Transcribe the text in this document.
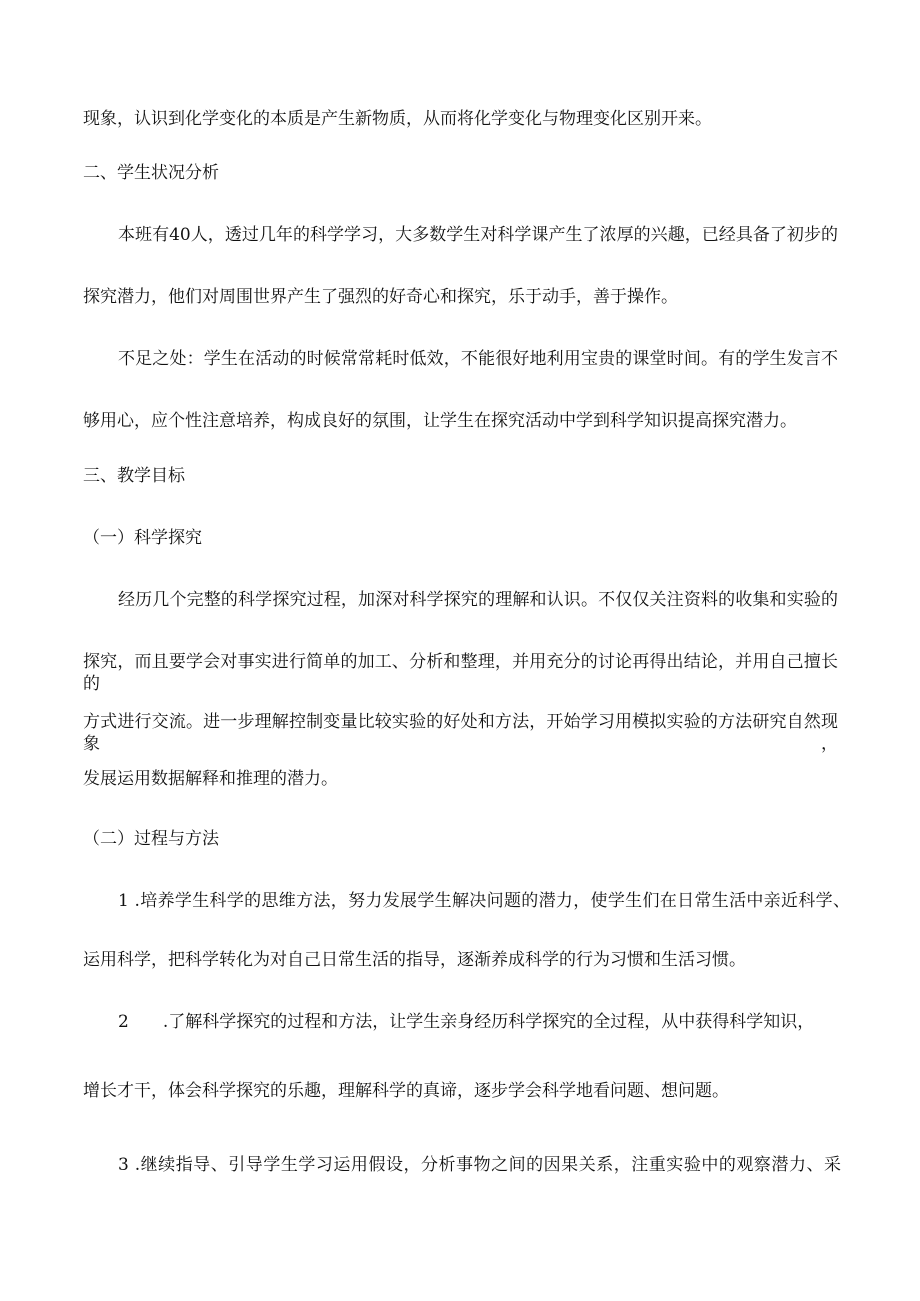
现象，认识到化学变化的本质是产生新物质，从而将化学变化与物理变化区别开来。
二、学生状况分析
本班有40人，透过几年的科学学习，大多数学生对科学课产生了浓厚的兴趣，已经具备了初步的
探究潜力，他们对周围世界产生了强烈的好奇心和探究，乐于动手，善于操作。
不足之处：学生在活动的时候常常耗时低效，不能很好地利用宝贵的课堂时间。有的学生发言不
够用心，应个性注意培养，构成良好的氛围，让学生在探究活动中学到科学知识提高探究潜力。
三、教学目标
（一）科学探究
经历几个完整的科学探究过程，加深对科学探究的理解和认识。不仅仅关注资料的收集和实验的
探究，而且要学会对事实进行简单的加工、分析和整理，并用充分的讨论再得出结论，并用自己擅长的
方式进行交流。进一步理解控制变量比较实验的好处和方法，开始学习用模拟实验的方法研究自然现象，
发展运用数据解释和推理的潜力。
（二）过程与方法
1 .培养学生科学的思维方法，努力发展学生解决问题的潜力，使学生们在日常生活中亲近科学、
运用科学，把科学转化为对自己日常生活的指导，逐渐养成科学的行为习惯和生活习惯。
2　　.了解科学探究的过程和方法，让学生亲身经历科学探究的全过程，从中获得科学知识，
增长才干，体会科学探究的乐趣，理解科学的真谛，逐步学会科学地看问题、想问题。
3 .继续指导、引导学生学习运用假设，分析事物之间的因果关系，注重实验中的观察潜力、采
